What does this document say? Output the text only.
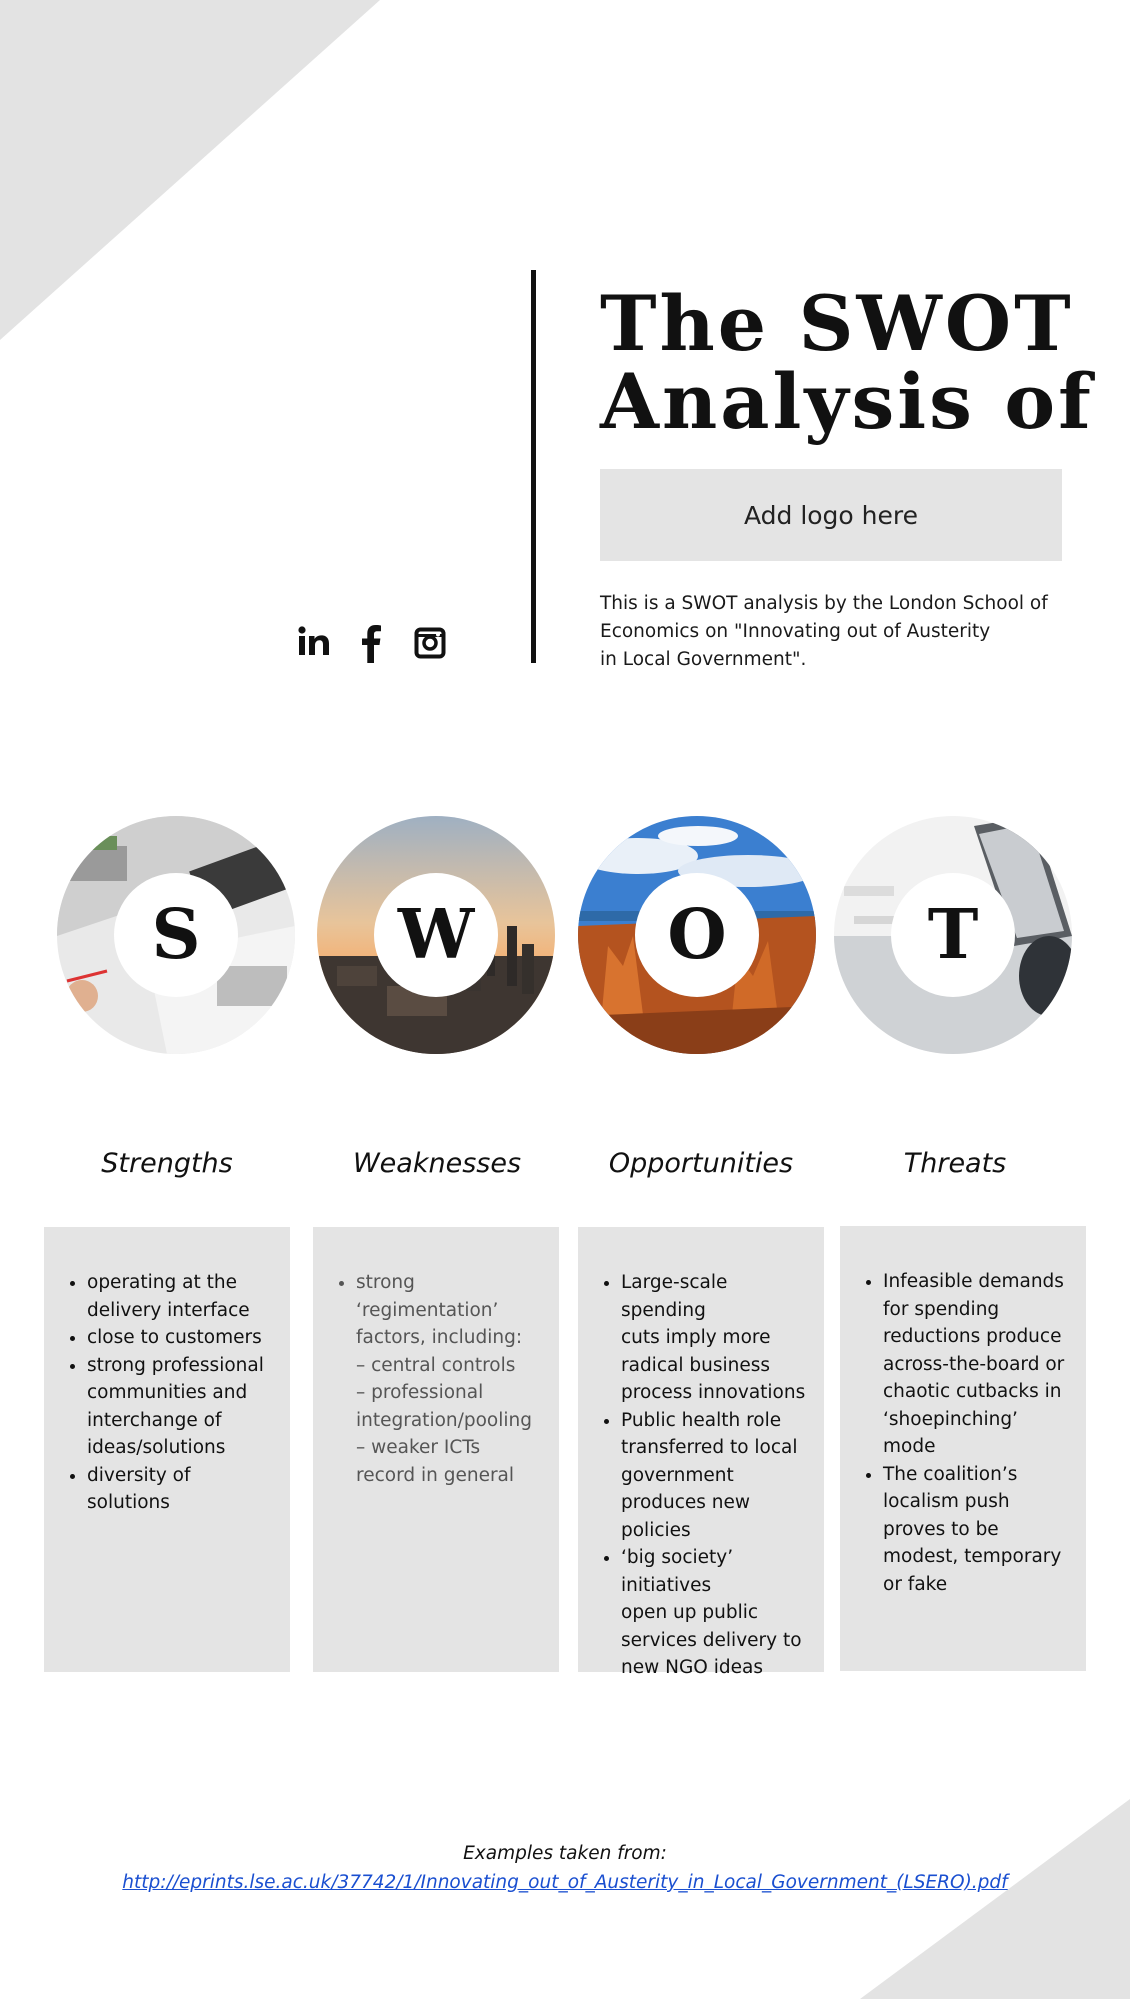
The SWOT
Analysis of
Add logo here
This is a SWOT analysis by the London School of
Economics on "Innovating out of Austerity
in Local Government".
S	W	O	T
Strengths	Weaknesses	Opportunities	Threats
• operating at the
delivery interface
• close to customers
• strong professional
communities and
interchange of
ideas/solutions
• diversity of
solutions
• strong
‘regimentation’
factors, including:
– central controls
– professional
integration/pooling
– weaker ICTs
record in general
• Large-scale spending
cuts imply more
radical business
process innovations
• Public health role
transferred to local
government
produces new
policies
• ‘big society’ initiatives
open up public
services delivery to
new NGO ideas
• Infeasible demands
for spending
reductions produce
across-the-board or
chaotic cutbacks in
‘shoepinching’
mode
• The coalition’s
localism push
proves to be
modest, temporary
or fake
Examples taken from:
http://eprints.lse.ac.uk/37742/1/Innovating_out_of_Austerity_in_Local_Government_(LSERO).pdf
